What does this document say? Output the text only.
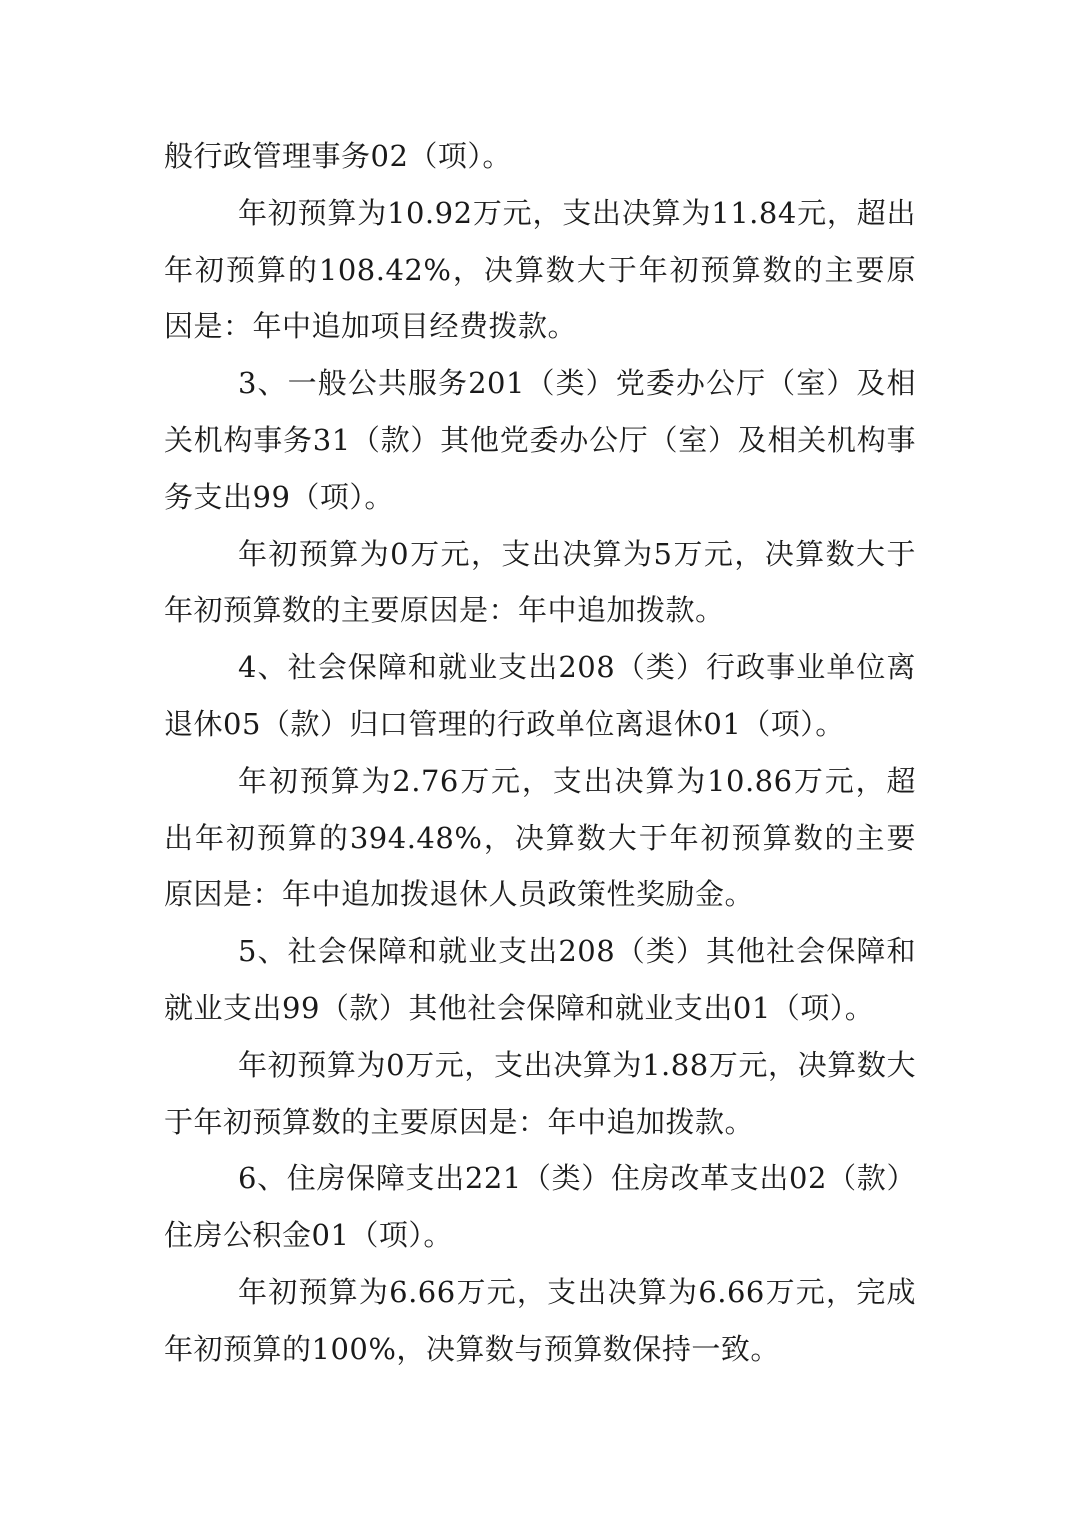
般行政管理事务02（项）。

年初预算为10.92万元，支出决算为11.84元，超出年初预算的108.42%，决算数大于年初预算数的主要原因是：年中追加项目经费拨款。

3、一般公共服务201（类）党委办公厅（室）及相关机构事务31（款）其他党委办公厅（室）及相关机构事务支出99（项）。

年初预算为0万元，支出决算为5万元，决算数大于年初预算数的主要原因是：年中追加拨款。

4、社会保障和就业支出208（类）行政事业单位离退休05（款）归口管理的行政单位离退休01（项）。

年初预算为2.76万元，支出决算为10.86万元，超出年初预算的394.48%，决算数大于年初预算数的主要原因是：年中追加拨退休人员政策性奖励金。

5、社会保障和就业支出208（类）其他社会保障和就业支出99（款）其他社会保障和就业支出01（项）。

年初预算为0万元，支出决算为1.88万元，决算数大于年初预算数的主要原因是：年中追加拨款。

6、住房保障支出221（类）住房改革支出02（款）住房公积金01（项）。

年初预算为6.66万元，支出决算为6.66万元，完成年初预算的100%，决算数与预算数保持一致。
